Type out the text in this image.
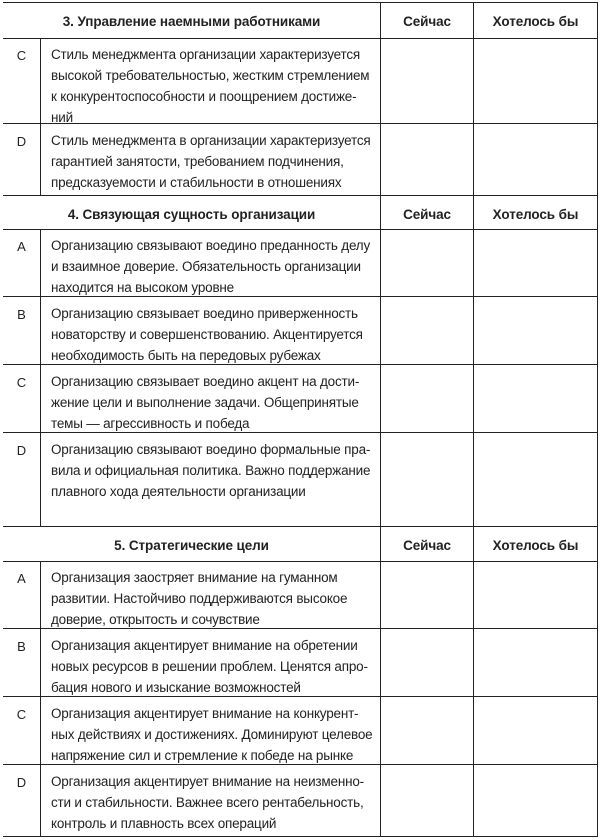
3. Управление наемными работниками	Сейчас	Хотелось бы
C	Стиль менеджмента организации характеризуется
высокой требовательностью, жестким стремлением
к конкурентоспособности и поощрением достиже-
ний
D	Стиль менеджмента в организации характеризуется
гарантией занятости, требованием подчинения,
предсказуемости и стабильности в отношениях
4. Связующая сущность организации	Сейчас	Хотелось бы
A	Организацию связывают воедино преданность делу
и взаимное доверие. Обязательность организации
находится на высоком уровне
B	Организацию связывает воедино приверженность
новаторству и совершенствованию. Акцентируется
необходимость быть на передовых рубежах
C	Организацию связывает воедино акцент на дости-
жение цели и выполнение задачи. Общепринятые
темы — агрессивность и победа
D	Организацию связывают воедино формальные пра-
вила и официальная политика. Важно поддержание
плавного хода деятельности организации
5. Стратегические цели	Сейчас	Хотелось бы
A	Организация заостряет внимание на гуманном
развитии. Настойчиво поддерживаются высокое
доверие, открытость и сочувствие
B	Организация акцентирует внимание на обретении
новых ресурсов в решении проблем. Ценятся апро-
бация нового и изыскание возможностей
C	Организация акцентирует внимание на конкурент-
ных действиях и достижениях. Доминируют целевое
напряжение сил и стремление к победе на рынке
D	Организация акцентирует внимание на неизменно-
сти и стабильности. Важнее всего рентабельность,
контроль и плавность всех операций
